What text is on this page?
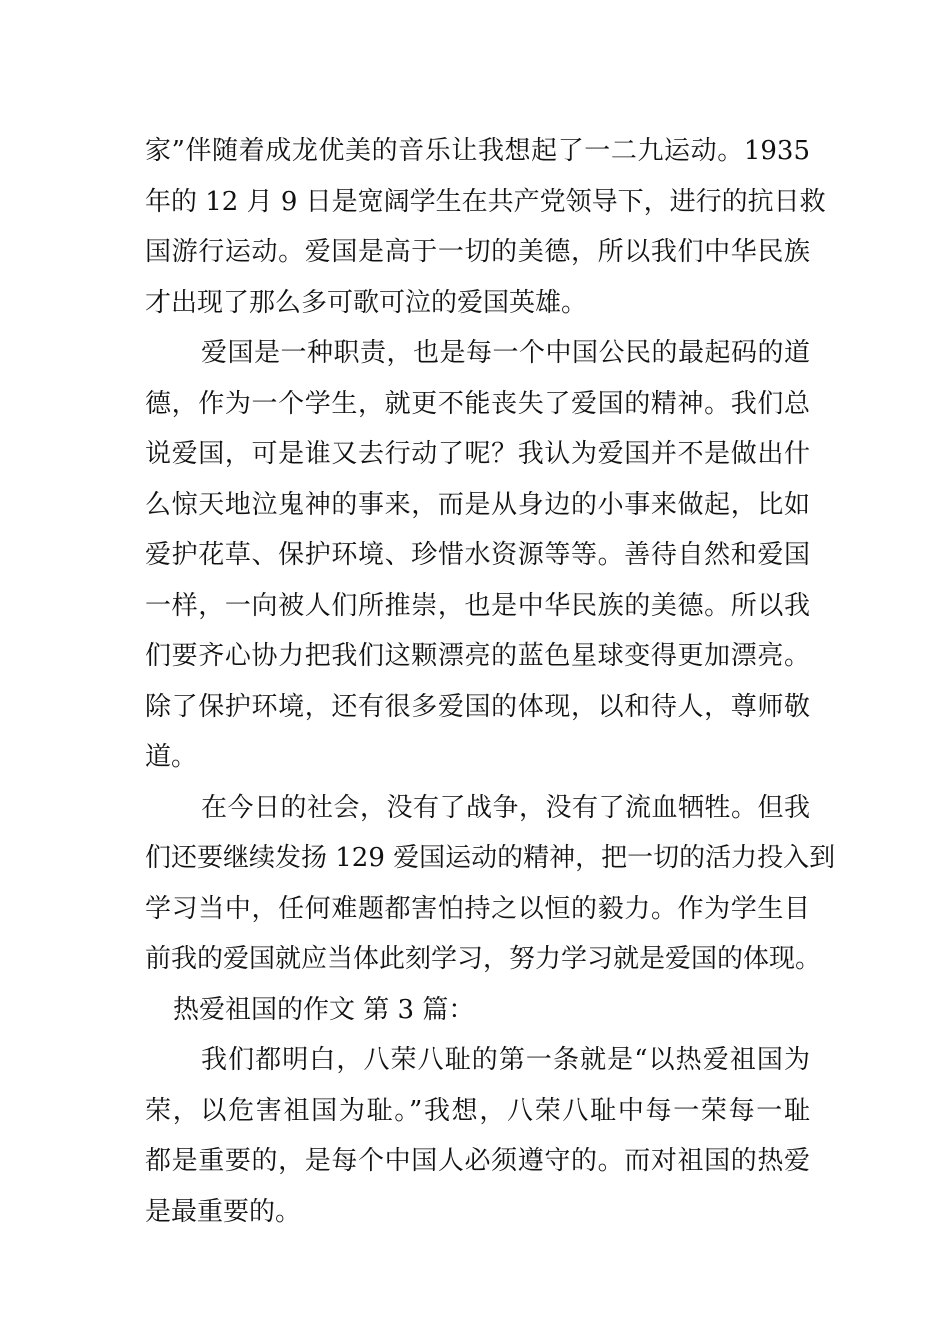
家”伴随着成龙优美的音乐让我想起了一二九运动。1935
年的 12 月 9 日是宽阔学生在共产党领导下，进行的抗日救
国游行运动。爱国是高于一切的美德，所以我们中华民族
才出现了那么多可歌可泣的爱国英雄。
爱国是一种职责，也是每一个中国公民的最起码的道
德，作为一个学生，就更不能丧失了爱国的精神。我们总
说爱国，可是谁又去行动了呢？我认为爱国并不是做出什
么惊天地泣鬼神的事来，而是从身边的小事来做起，比如
爱护花草、保护环境、珍惜水资源等等。善待自然和爱国
一样，一向被人们所推崇，也是中华民族的美德。所以我
们要齐心协力把我们这颗漂亮的蓝色星球变得更加漂亮。
除了保护环境，还有很多爱国的体现，以和待人，尊师敬
道。
在今日的社会，没有了战争，没有了流血牺牲。但我
们还要继续发扬 129 爱国运动的精神，把一切的活力投入到
学习当中，任何难题都害怕持之以恒的毅力。作为学生目
前我的爱国就应当体此刻学习，努力学习就是爱国的体现。
热爱祖国的作文 第 3 篇：
我们都明白，八荣八耻的第一条就是“以热爱祖国为
荣，以危害祖国为耻。”我想，八荣八耻中每一荣每一耻
都是重要的，是每个中国人必须遵守的。而对祖国的热爱
是最重要的。
